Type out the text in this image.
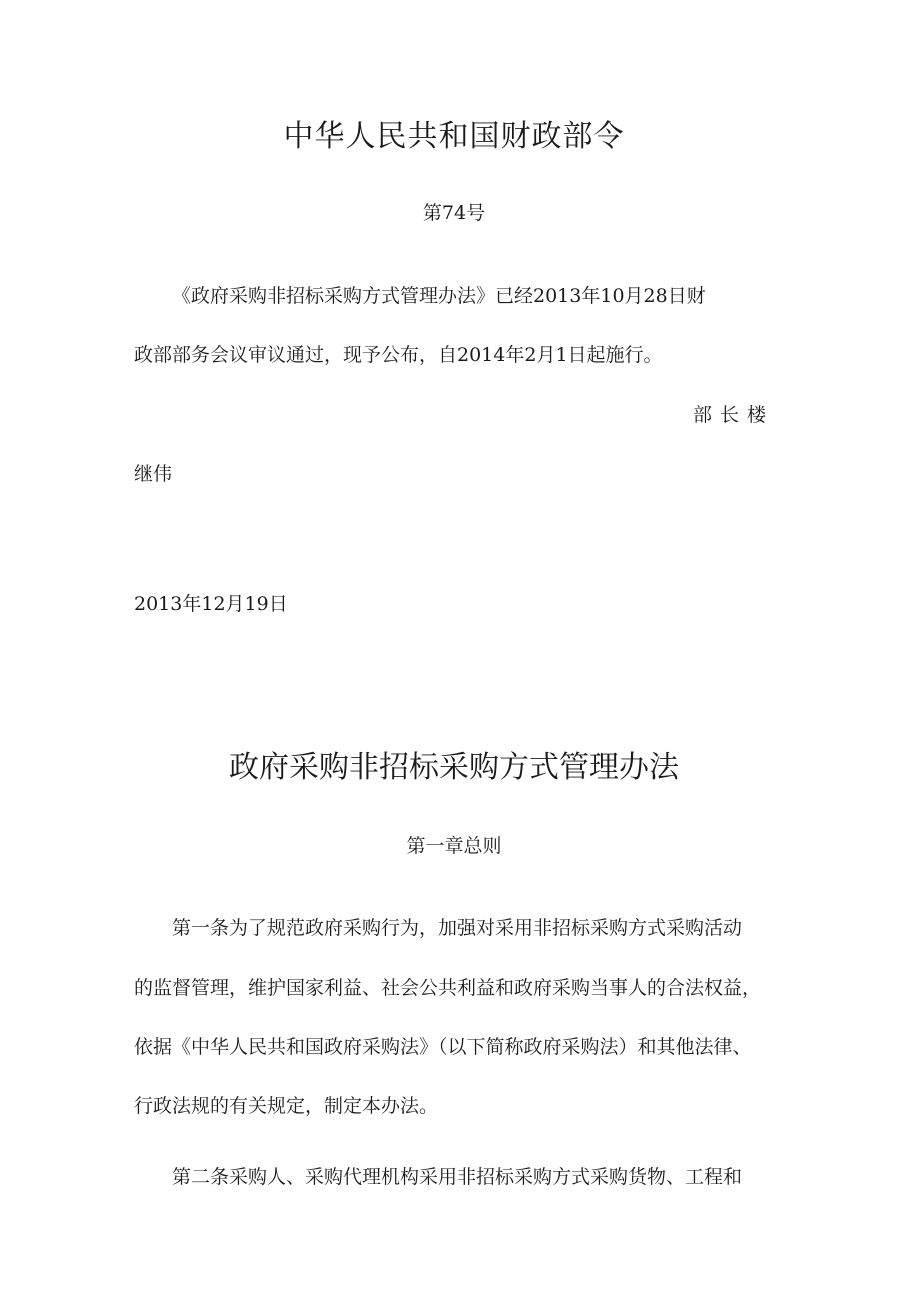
中华人民共和国财政部令
第74号
《政府采购非招标采购方式管理办法》已经2013年10月28日财
政部部务会议审议通过，现予公布，自2014年2月1日起施行。
部长楼
继伟
2013年12月19日
政府采购非招标采购方式管理办法
第一章总则
第一条为了规范政府采购行为，加强对采用非招标采购方式采购活动
的监督管理，维护国家利益、社会公共利益和政府采购当事人的合法权益，
依据《中华人民共和国政府采购法》（以下简称政府采购法）和其他法律、
行政法规的有关规定，制定本办法。
第二条采购人、采购代理机构采用非招标采购方式采购货物、工程和
